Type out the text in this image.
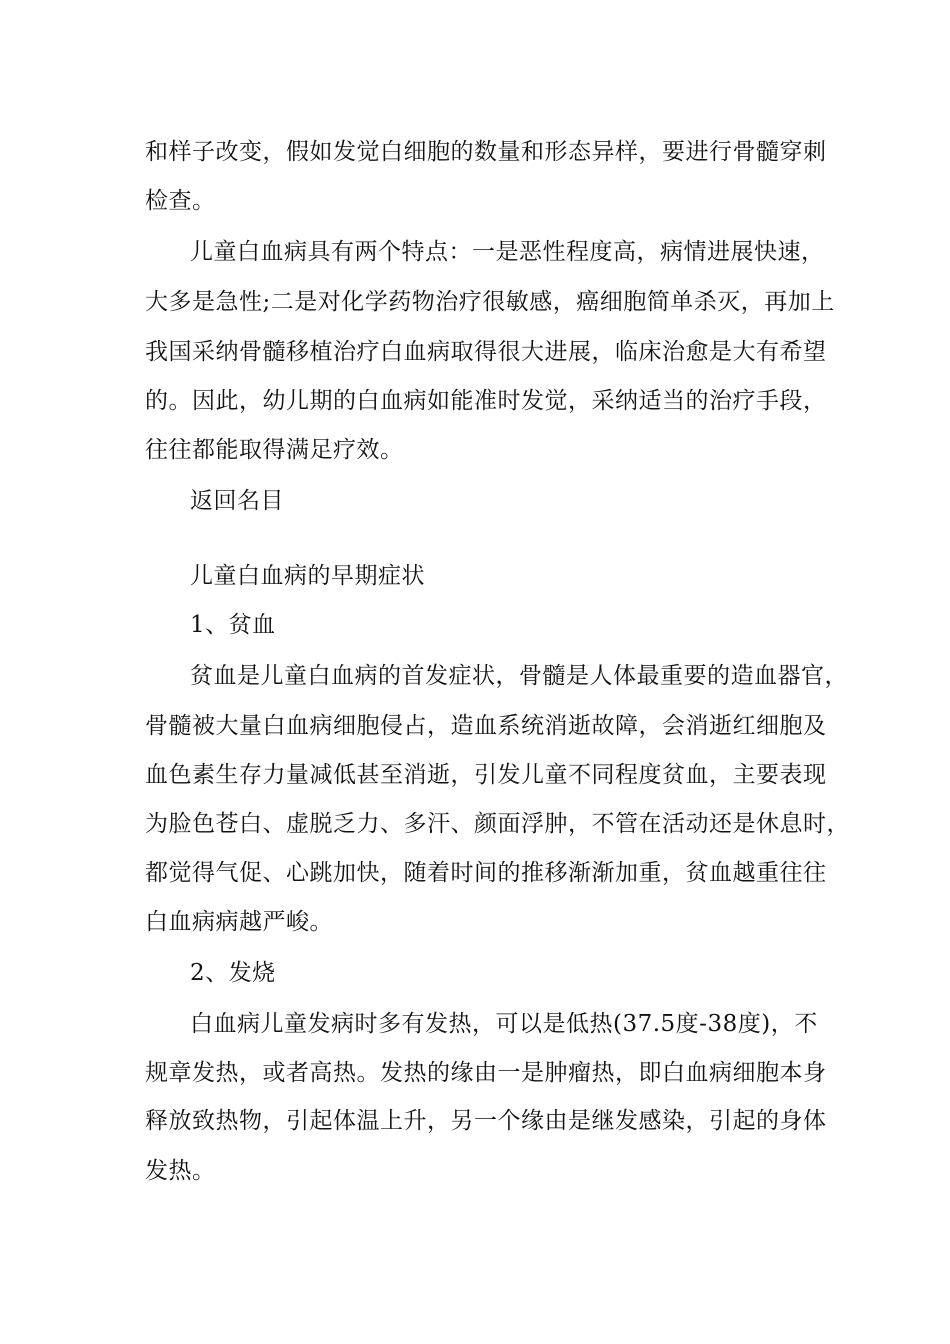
和样子改变，假如发觉白细胞的数量和形态异样，要进行骨髓穿刺
检查。
儿童白血病具有两个特点：一是恶性程度高，病情进展快速，
大多是急性;二是对化学药物治疗很敏感，癌细胞简单杀灭，再加上
我国采纳骨髓移植治疗白血病取得很大进展，临床治愈是大有希望
的。因此，幼儿期的白血病如能准时发觉，采纳适当的治疗手段，
往往都能取得满足疗效。
返回名目
儿童白血病的早期症状
1、贫血
贫血是儿童白血病的首发症状，骨髓是人体最重要的造血器官，
骨髓被大量白血病细胞侵占，造血系统消逝故障，会消逝红细胞及
血色素生存力量减低甚至消逝，引发儿童不同程度贫血，主要表现
为脸色苍白、虚脱乏力、多汗、颜面浮肿，不管在活动还是休息时，
都觉得气促、心跳加快，随着时间的推移渐渐加重，贫血越重往往
白血病病越严峻。
2、发烧
白血病儿童发病时多有发热，可以是低热(37.5度-38度)，不
规章发热，或者高热。发热的缘由一是肿瘤热，即白血病细胞本身
释放致热物，引起体温上升，另一个缘由是继发感染，引起的身体
发热。
